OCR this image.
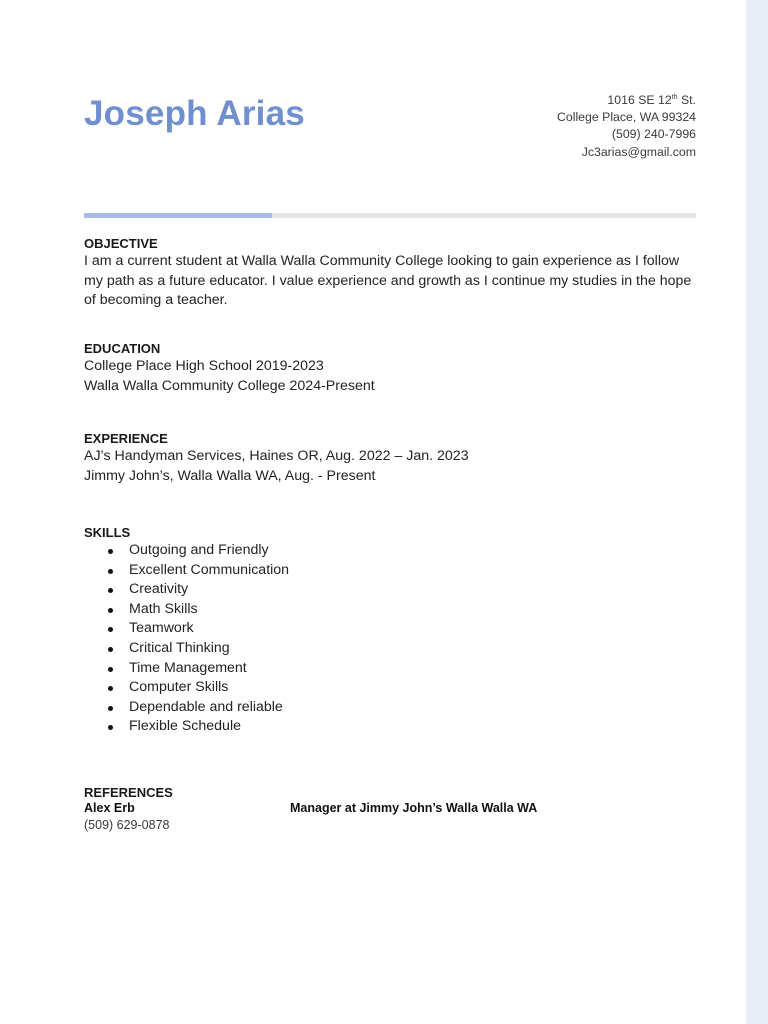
Joseph Arias	1016 SE 12th St.
College Place, WA 99324
(509) 240-7996
Jc3arias@gmail.com
OBJECTIVE

I am a current student at Walla Walla Community College looking to gain experience as I follow my path as a future educator. I value experience and growth as I continue my studies in the hope of becoming a teacher.

EDUCATION

College Place High School 2019-2023

Walla Walla Community College 2024-Present

EXPERIENCE

AJ’s Handyman Services, Haines OR, Aug. 2022 – Jan. 2023

Jimmy John’s, Walla Walla WA, Aug. - Present

SKILLS
Outgoing and Friendly
Excellent Communication
Creativity
Math Skills
Teamwork
Critical Thinking
Time Management
Computer Skills
Dependable and reliable
Flexible Schedule
REFERENCES
Alex Erb
(509) 629-0878
Manager at Jimmy John’s Walla Walla WA
